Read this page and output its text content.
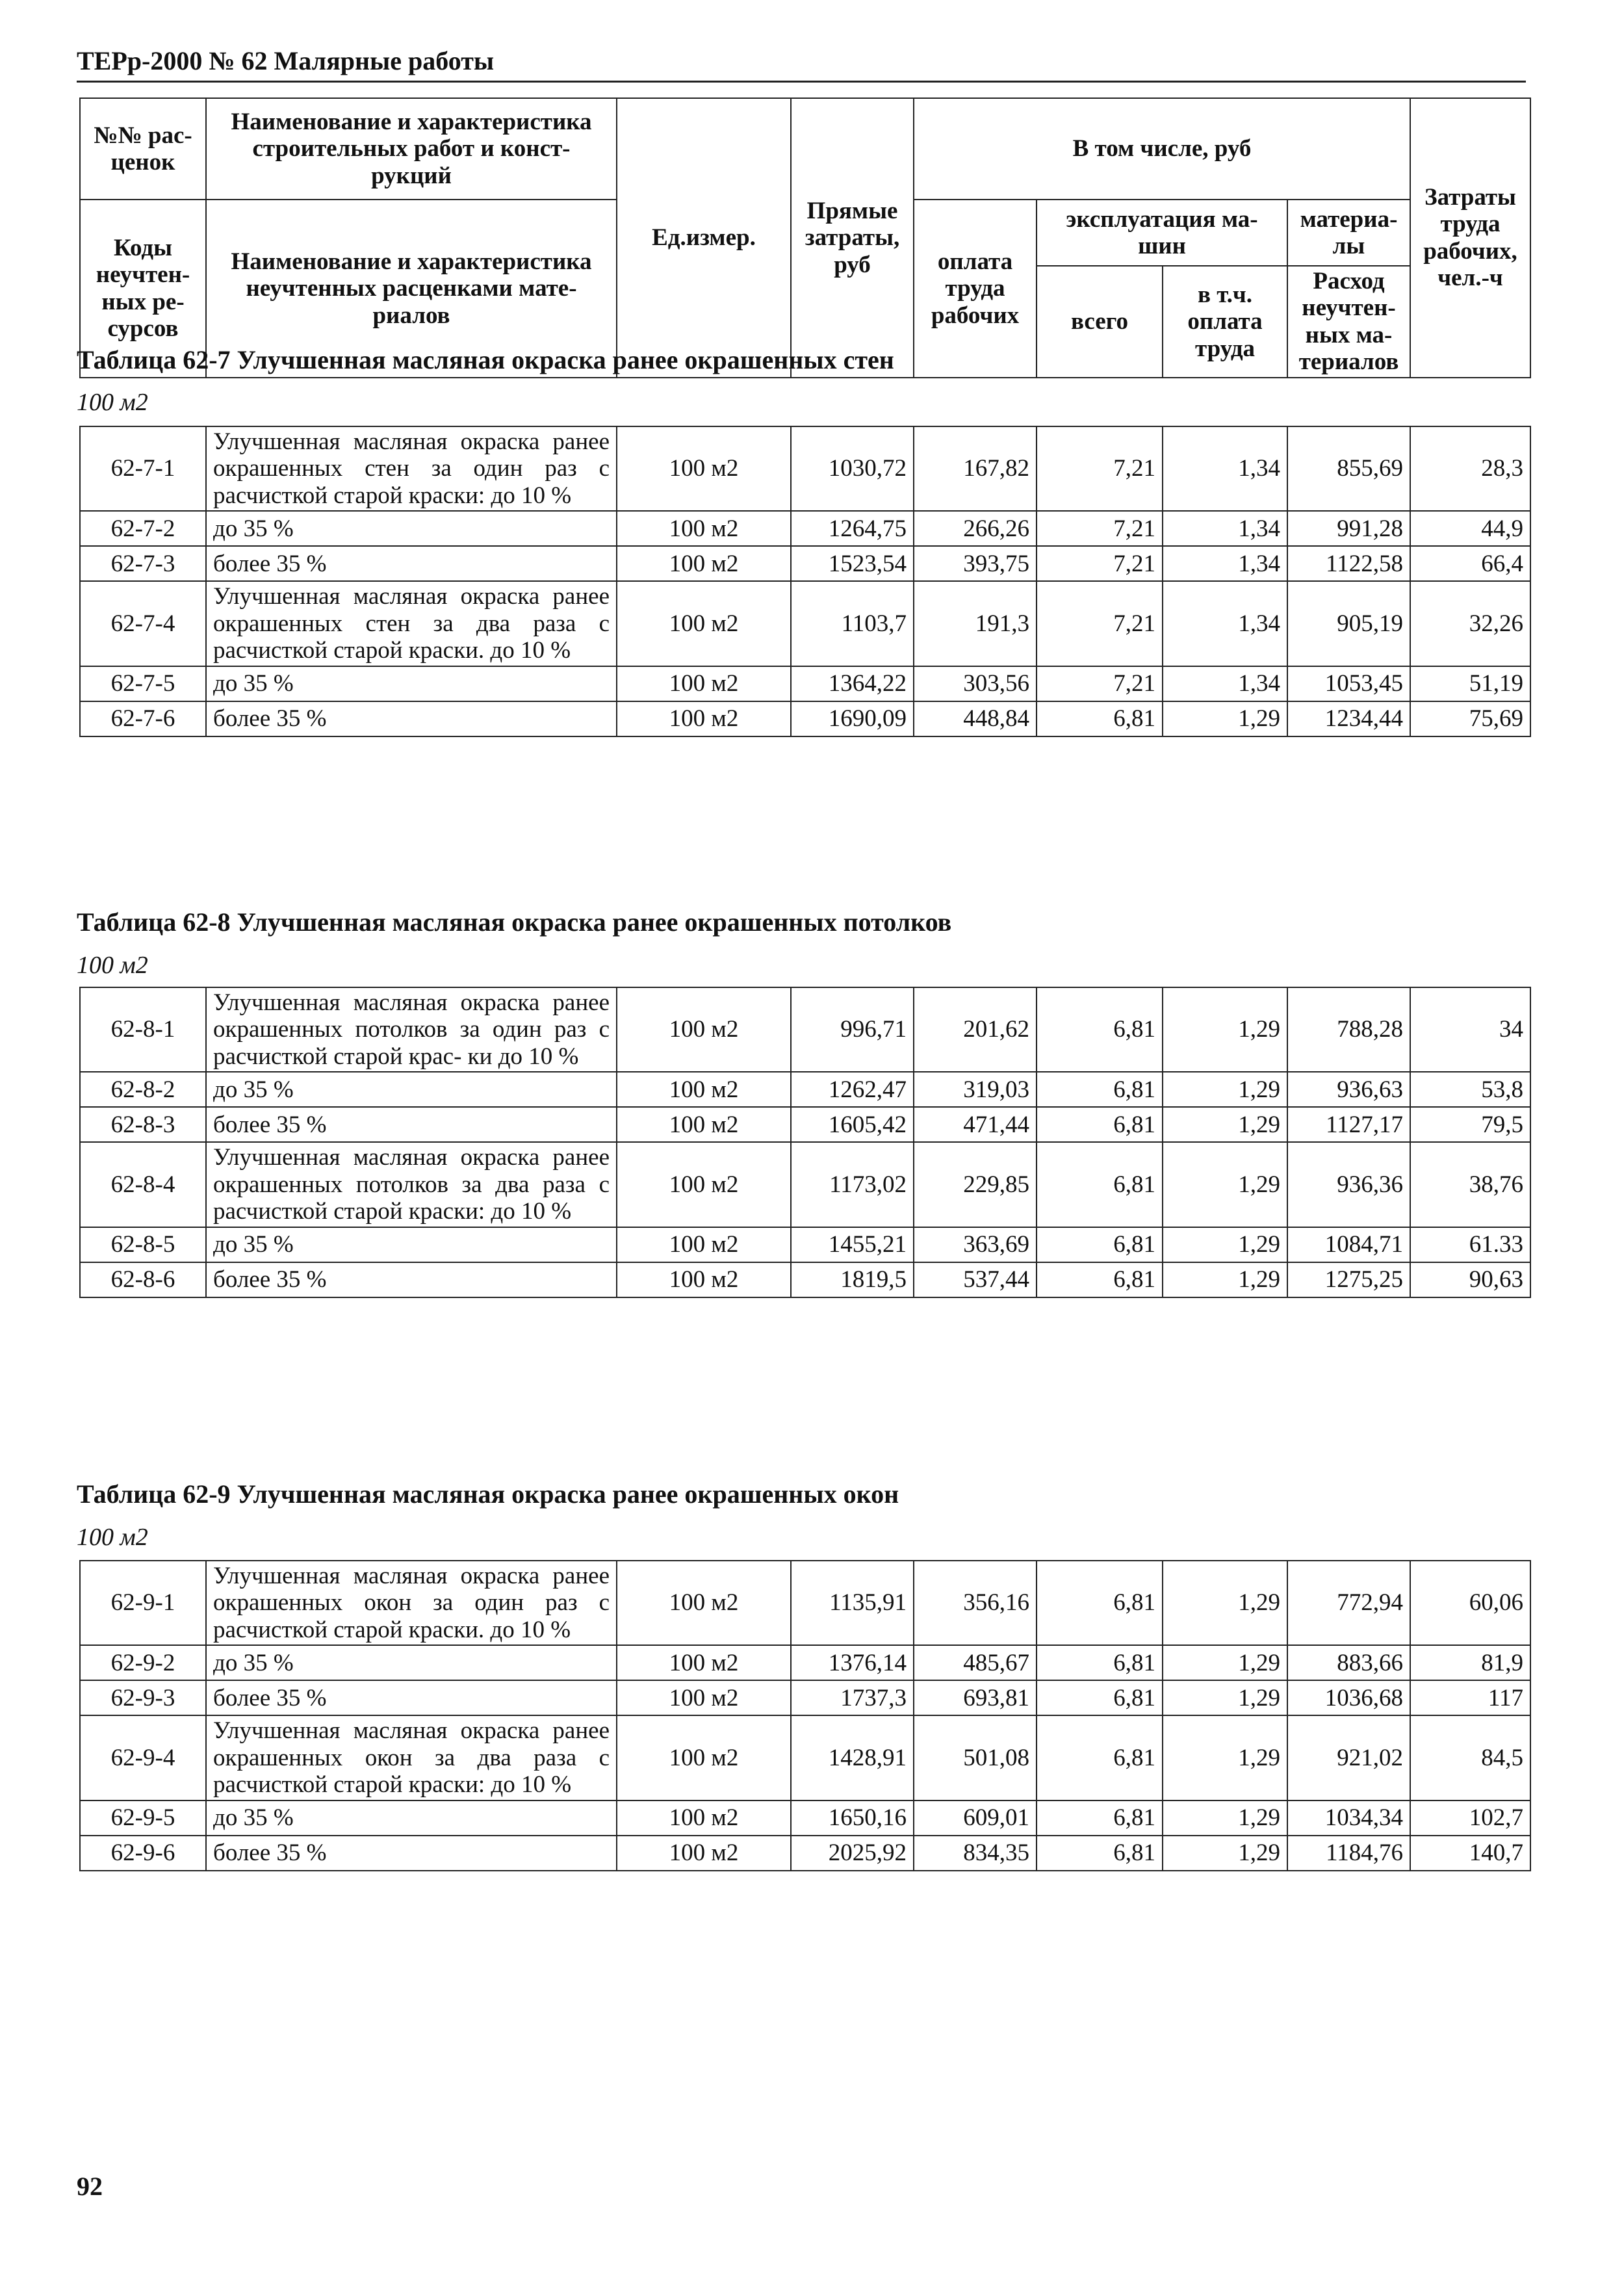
ТЕРр-2000 № 62 Малярные работы
№№ рас- ценок	Наименование и характеристика строительных работ и конст- рукций	Ед.измер.	Прямые затраты, руб	В том числе, руб				Затраты труда рабочих, чел.-ч
Коды неучтен- ных ре- сурсов	Наименование и характеристика неучтенных расценками мате- риалов			оплата труда рабочих	эксплуатация ма- шин		материа- лы	
					всего	в т.ч. оплата труда	Расход неучтен- ных ма- териалов	
Таблица 62-7 Улучшенная масляная окраска ранее окрашенных стен
100 м2
62-7-1	Улучшенная масляная окраска ранее окрашенных стен за один раз с расчисткой старой краски: до 10 %	100 м2	1030,72	167,82	7,21	1,34	855,69	28,3
62-7-2	до 35 %	100 м2	1264,75	266,26	7,21	1,34	991,28	44,9
62-7-3	более 35 %	100 м2	1523,54	393,75	7,21	1,34	1122,58	66,4
62-7-4	Улучшенная масляная окраска ранее окрашенных стен за два раза с расчисткой старой краски. до 10 %	100 м2	1103,7	191,3	7,21	1,34	905,19	32,26
62-7-5	до 35 %	100 м2	1364,22	303,56	7,21	1,34	1053,45	51,19
62-7-6	более 35 %	100 м2	1690,09	448,84	6,81	1,29	1234,44	75,69
Таблица 62-8 Улучшенная масляная окраска ранее окрашенных потолков
100 м2
62-8-1	Улучшенная масляная окраска ранее окрашенных потолков за один раз с расчисткой старой крас- ки до 10 %	100 м2	996,71	201,62	6,81	1,29	788,28	34
62-8-2	до 35 %	100 м2	1262,47	319,03	6,81	1,29	936,63	53,8
62-8-3	более 35 %	100 м2	1605,42	471,44	6,81	1,29	1127,17	79,5
62-8-4	Улучшенная масляная окраска ранее окрашенных потолков за два раза с расчисткой старой краски: до 10 %	100 м2	1173,02	229,85	6,81	1,29	936,36	38,76
62-8-5	до 35 %	100 м2	1455,21	363,69	6,81	1,29	1084,71	61.33
62-8-6	более 35 %	100 м2	1819,5	537,44	6,81	1,29	1275,25	90,63
Таблица 62-9 Улучшенная масляная окраска ранее окрашенных окон
100 м2
62-9-1	Улучшенная масляная окраска ранее окрашенных окон за один раз с расчисткой старой краски. до 10 %	100 м2	1135,91	356,16	6,81	1,29	772,94	60,06
62-9-2	до 35 %	100 м2	1376,14	485,67	6,81	1,29	883,66	81,9
62-9-3	более 35 %	100 м2	1737,3	693,81	6,81	1,29	1036,68	117
62-9-4	Улучшенная масляная окраска ранее окрашенных окон за два раза с расчисткой старой краски: до 10 %	100 м2	1428,91	501,08	6,81	1,29	921,02	84,5
62-9-5	до 35 %	100 м2	1650,16	609,01	6,81	1,29	1034,34	102,7
62-9-6	более 35 %	100 м2	2025,92	834,35	6,81	1,29	1184,76	140,7
92
